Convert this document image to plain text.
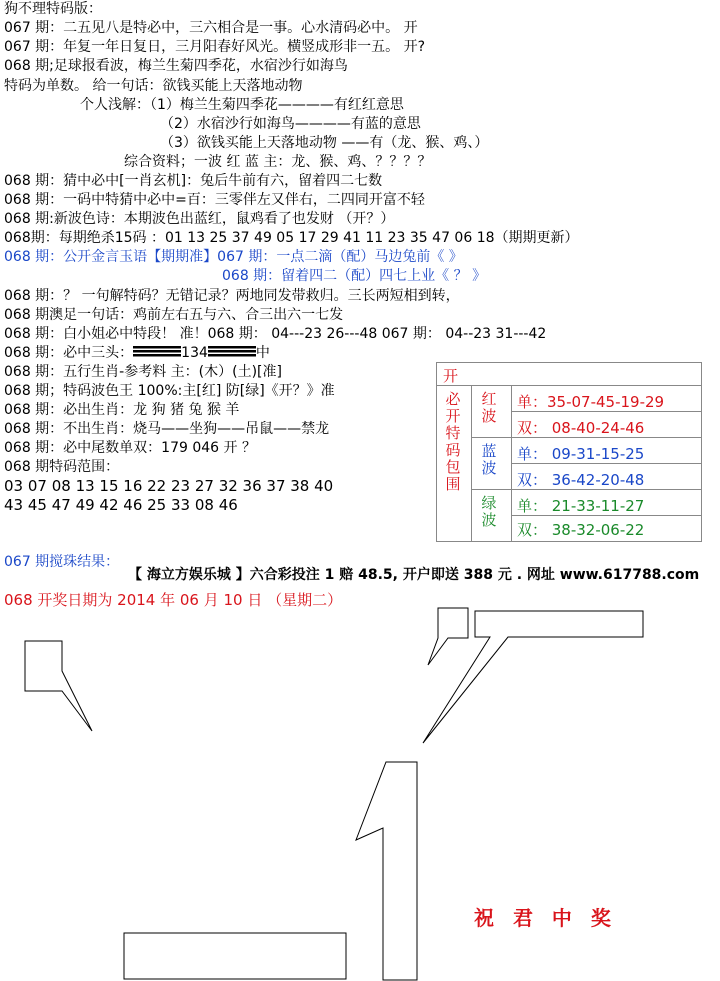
狗不理特码版：
067 期：二五见八是特必中，三六相合是一事。心水清码必中。 开
067 期：年复一年日复日，三月阳春好风光。横竖成形非一五。 开?
068 期;足球报看波，梅兰生菊四季花，水宿沙行如海鸟
特码为单数。 给一句话：欲钱买能上天落地动物
个人浅解：（1）梅兰生菊四季花————有红红意思
（2）水宿沙行如海鸟————有蓝的意思
（3）欲钱买能上天落地动物 ——有（龙、猴、鸡、）
综合资料；一波 红 蓝 主：龙、猴、鸡、？？？？
068 期：猜中必中[一肖玄机]：兔后牛前有六，留着四二七数
068 期：一码中特猜中必中=百：三零伴左又伴右，二四同开富不轻
068 期:新波色诗：本期波色出蓝红，鼠鸡看了也发财 （开？）
068期：每期绝杀15码 ：01 13 25 37 49 05 17 29 41 11 23 35 47 06 18（期期更新）
068 期：公开金言玉语【期期准】067 期：一点二滴（配）马边兔前《 》
068 期：留着四二（配）四七上业《 ？ 》
068 期：？ 一句解特码？无错记录？两地同发带救归。三长两短相到转，
068 期澳足一句话：鸡前左右五与六、合三出六一七发
068 期：白小姐必中特段！ 准！068 期： 04---23 26---48 067 期： 04--23 31---42
068 期：必中三头：	134	中
068 期：五行生肖-参考料 主：(木）(土)[准]
068 期；特码波色王 100%:主[红] 防[绿]《开？》准
068 期：必出生肖：龙 狗 猪 兔 猴 羊
068 期：不出生肖：烧马——坐狗——吊鼠——禁龙
068 期：必中尾数单双：179 046 开 ？
068 期特码范围：
03 07 08 13 15 16 22 23 27 32 36 37 38 40
43 45 47 49 42 46 25 33 08 46
开
必
开
特
码
包
围
红
波
蓝
波
绿
波
单：35-07-45-19-29
双： 08-40-24-46
单： 09-31-15-25
双： 36-42-20-48
单： 21-33-11-27
双： 38-32-06-22
067 期搅珠结果：
【 海立方娱乐城 】六合彩投注 1 赔 48.5, 开户即送 388 元 . 网址 www.617788.com
068 开奖日期为 2014 年 06 月 10 日 （星期二）
祝 君 中 奖
